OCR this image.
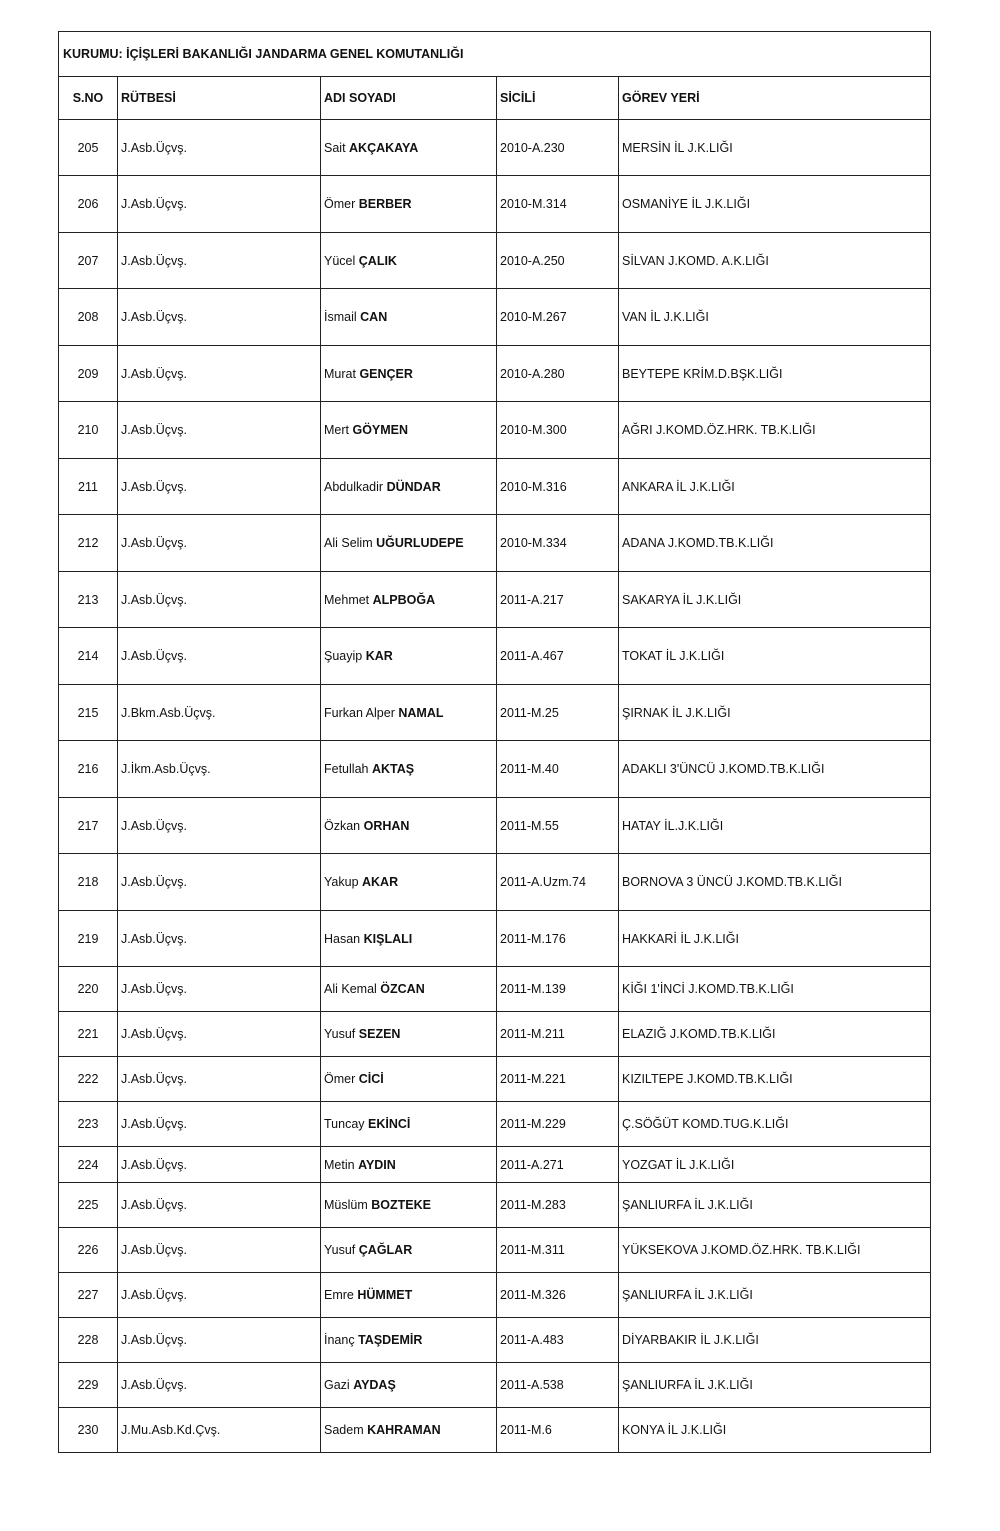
KURUMU: İÇİŞLERİ BAKANLIĞI JANDARMA GENEL KOMUTANLIĞI				
S.NO	RÜTBESİ	ADI SOYADI	SİCİLİ	GÖREV YERİ
205	J.Asb.Üçvş.	Sait AKÇAKAYA	2010-A.230	MERSİN İL J.K.LIĞI
206	J.Asb.Üçvş.	Ömer BERBER	2010-M.314	OSMANİYE İL J.K.LIĞI
207	J.Asb.Üçvş.	Yücel ÇALIK	2010-A.250	SİLVAN J.KOMD. A.K.LIĞI
208	J.Asb.Üçvş.	İsmail CAN	2010-M.267	VAN İL J.K.LIĞI
209	J.Asb.Üçvş.	Murat GENÇER	2010-A.280	BEYTEPE KRİM.D.BŞK.LIĞI
210	J.Asb.Üçvş.	Mert GÖYMEN	2010-M.300	AĞRI J.KOMD.ÖZ.HRK. TB.K.LIĞI
211	J.Asb.Üçvş.	Abdulkadir DÜNDAR	2010-M.316	ANKARA İL J.K.LIĞI
212	J.Asb.Üçvş.	Ali Selim UĞURLUDEPE	2010-M.334	ADANA J.KOMD.TB.K.LIĞI
213	J.Asb.Üçvş.	Mehmet ALPBOĞA	2011-A.217	SAKARYA İL J.K.LIĞI
214	J.Asb.Üçvş.	Şuayip KAR	2011-A.467	TOKAT İL J.K.LIĞI
215	J.Bkm.Asb.Üçvş.	Furkan Alper NAMAL	2011-M.25	ŞIRNAK İL J.K.LIĞI
216	J.İkm.Asb.Üçvş.	Fetullah AKTAŞ	2011-M.40	ADAKLI 3'ÜNCÜ J.KOMD.TB.K.LIĞI
217	J.Asb.Üçvş.	Özkan ORHAN	2011-M.55	HATAY İL.J.K.LIĞI
218	J.Asb.Üçvş.	Yakup AKAR	2011-A.Uzm.74	BORNOVA 3 ÜNCÜ J.KOMD.TB.K.LIĞI
219	J.Asb.Üçvş.	Hasan KIŞLALI	2011-M.176	HAKKARİ İL J.K.LIĞI
220	J.Asb.Üçvş.	Ali Kemal ÖZCAN	2011-M.139	KİĞI 1'İNCİ J.KOMD.TB.K.LIĞI
221	J.Asb.Üçvş.	Yusuf SEZEN	2011-M.211	ELAZIĞ J.KOMD.TB.K.LIĞI
222	J.Asb.Üçvş.	Ömer CİCİ	2011-M.221	KIZILTEPE J.KOMD.TB.K.LIĞI
223	J.Asb.Üçvş.	Tuncay EKİNCİ	2011-M.229	Ç.SÖĞÜT KOMD.TUG.K.LIĞI
224	J.Asb.Üçvş.	Metin AYDIN	2011-A.271	YOZGAT İL J.K.LIĞI
225	J.Asb.Üçvş.	Müslüm BOZTEKE	2011-M.283	ŞANLIURFA İL J.K.LIĞI
226	J.Asb.Üçvş.	Yusuf ÇAĞLAR	2011-M.311	YÜKSEKOVA J.KOMD.ÖZ.HRK. TB.K.LIĞI
227	J.Asb.Üçvş.	Emre HÜMMET	2011-M.326	ŞANLIURFA İL J.K.LIĞI
228	J.Asb.Üçvş.	İnanç TAŞDEMİR	2011-A.483	DİYARBAKIR İL J.K.LIĞI
229	J.Asb.Üçvş.	Gazi AYDAŞ	2011-A.538	ŞANLIURFA İL J.K.LIĞI
230	J.Mu.Asb.Kd.Çvş.	Sadem KAHRAMAN	2011-M.6	KONYA İL J.K.LIĞI
